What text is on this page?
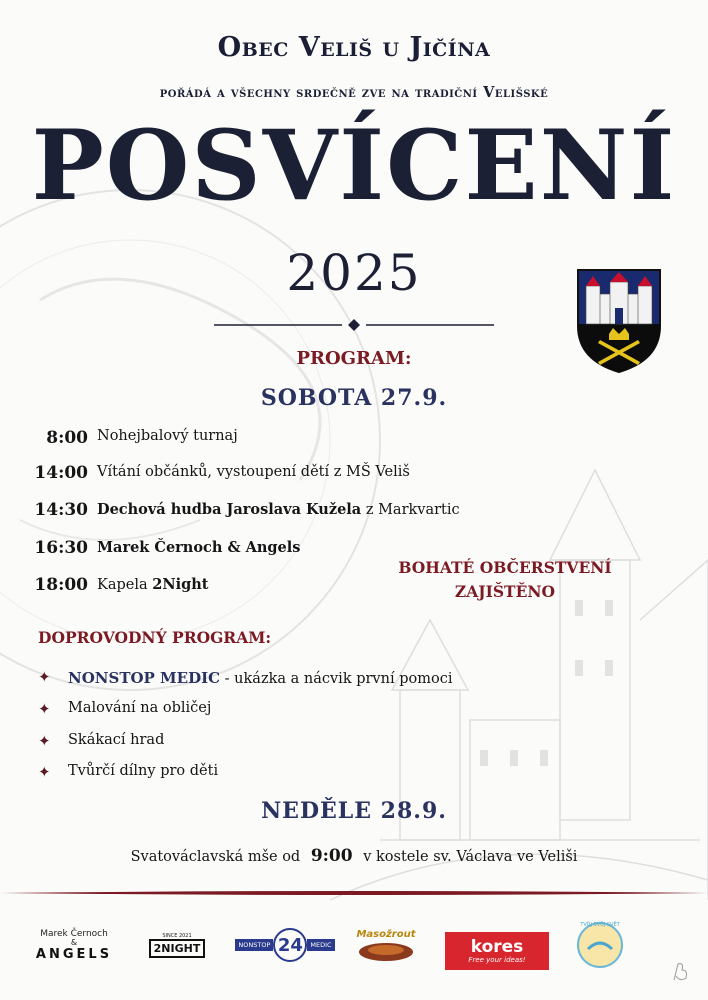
Obec Veliš u Jičína
pořádá a všechny srdečně zve na tradiční Velišské
POSVÍCENÍ
2025
PROGRAM:
SOBOTA 27.9.
8:00 Nohejbalový turnaj
14:00 Vítání občánků, vystoupení dětí z MŠ Veliš
14:30 Dechová hudba Jaroslava Kužela z Markvartic
16:30 Marek Černoch & Angels
18:00 Kapela 2Night
BOHATÉ OBČERSTVENÍ
ZAJIŠTĚNO
DOPROVODNÝ PROGRAM:
✦	NONSTOP MEDIC - ukázka a nácvik první pomoci
✦	Malování na obličej
✦	Skákací hrad
✦	Tvůrčí dílny pro děti
NEDĚLE 28.9.
Svatováclavská mše od 9:00 v kostele sv. Václava ve Veliši
Marek Černoch
&
ANGELS
SINCE 2021
2NIGHT	NONSTOP 24	MEDIC
Masožrout
kores
Free your ideas!
TVŮJ SVŮJ SVĚT
